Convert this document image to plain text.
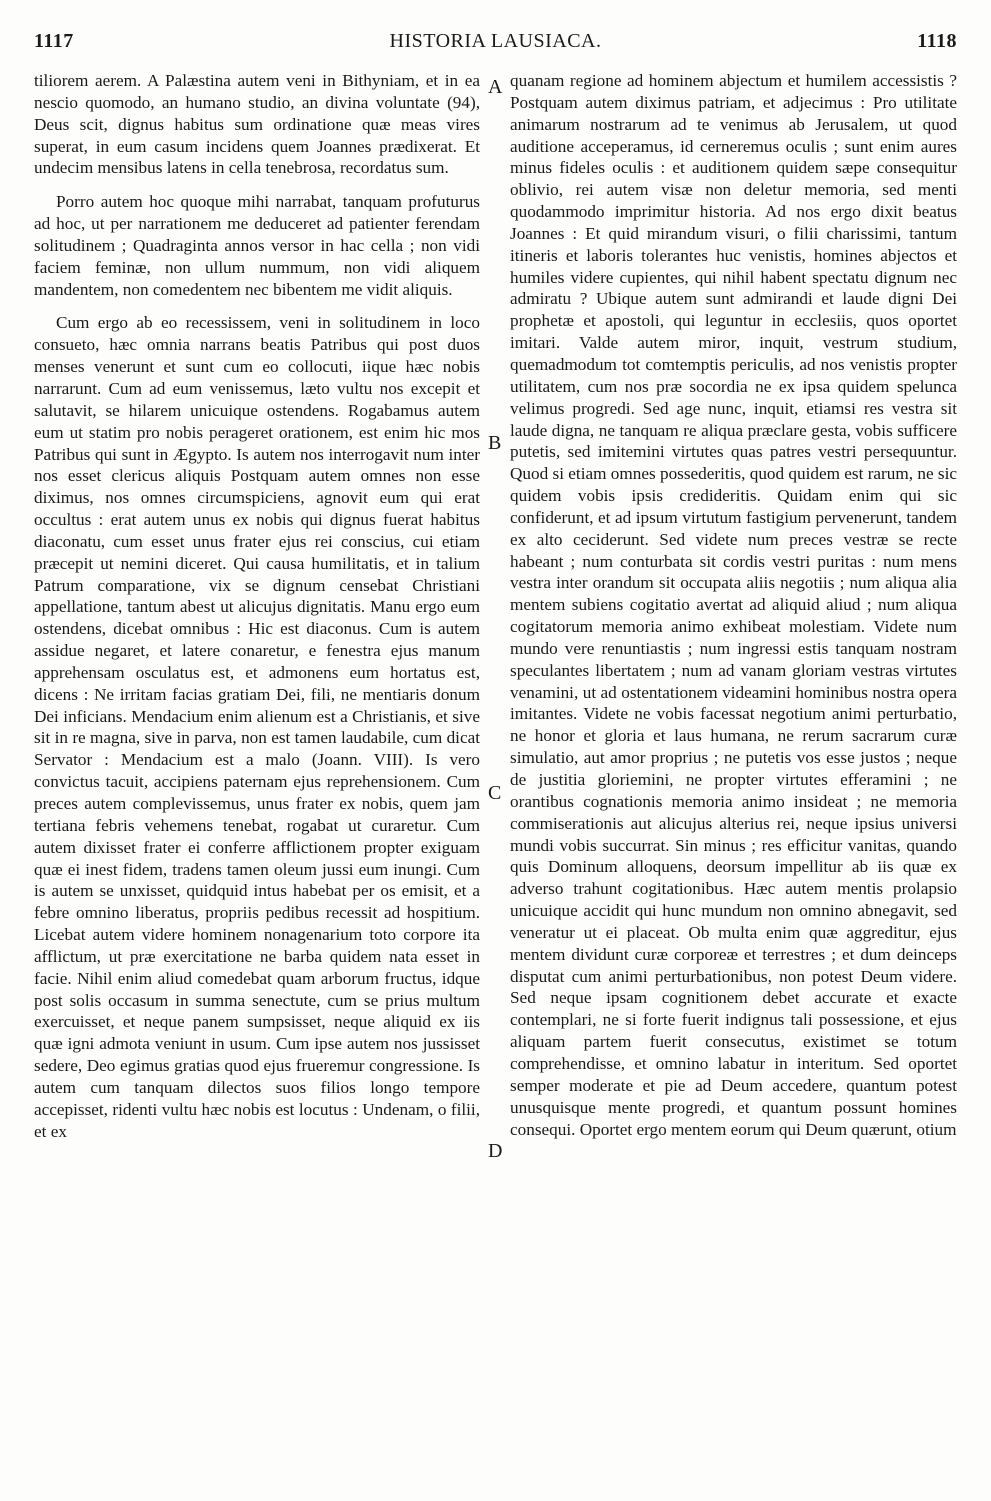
1117	HISTORIA LAUSIACA.	1118

tiliorem aerem. A Palæstina autem veni in Bithyniam, et in ea nescio quomodo, an humano studio, an divina voluntate (94), Deus scit, dignus habitus sum ordinatione quæ meas vires superat, in eum casum incidens quem Joannes prædixerat. Et undecim mensibus latens in cella tenebrosa, recordatus sum.

Porro autem hoc quoque mihi narrabat, tanquam profuturus ad hoc, ut per narrationem me deduceret ad patienter ferendam solitudinem ; Quadraginta annos versor in hac cella ; non vidi faciem feminæ, non ullum nummum, non vidi aliquem mandentem, non comedentem nec bibentem me vidit aliquis.

Cum ergo ab eo recessissem, veni in solitudinem in loco consueto, hæc omnia narrans beatis Patribus qui post duos menses venerunt et sunt cum eo collocuti, iique hæc nobis narrarunt. Cum ad eum venissemus, læto vultu nos excepit et salutavit, se hilarem unicuique ostendens. Rogabamus autem eum ut statim pro nobis perageret orationem, est enim hic mos Patribus qui sunt in Ægypto. Is autem nos interrogavit num inter nos esset clericus aliquis Postquam autem omnes non esse diximus, nos omnes circumspiciens, agnovit eum qui erat occultus : erat autem unus ex nobis qui dignus fuerat habitus diaconatu, cum esset unus frater ejus rei conscius, cui etiam præcepit ut nemini diceret. Qui causa humilitatis, et in talium Patrum comparatione, vix se dignum censebat Christiani appellatione, tantum abest ut alicujus dignitatis. Manu ergo eum ostendens, dicebat omnibus : Hic est diaconus. Cum is autem assidue negaret, et latere conaretur, e fenestra ejus manum apprehensam osculatus est, et admonens eum hortatus est, dicens : Ne irritam facias gratiam Dei, fili, ne mentiaris donum Dei inficians. Mendacium enim alienum est a Christianis, et sive sit in re magna, sive in parva, non est tamen laudabile, cum dicat Servator : Mendacium est a malo (Joann. VIII). Is vero convictus tacuit, accipiens paternam ejus reprehensionem. Cum preces autem complevissemus, unus frater ex nobis, quem jam tertiana febris vehemens tenebat, rogabat ut curaretur. Cum autem dixisset frater ei conferre afflictionem propter exiguam quæ ei inest fidem, tradens tamen oleum jussi eum inungi. Cum is autem se unxisset, quidquid intus habebat per os emisit, et a febre omnino liberatus, propriis pedibus recessit ad hospitium. Licebat autem videre hominem nonagenarium toto corpore ita afflictum, ut præ exercitatione ne barba quidem nata esset in facie. Nihil enim aliud comedebat quam arborum fructus, idque post solis occasum in summa senectute, cum se prius multum exercuisset, et neque panem sumpsisset, neque aliquid ex iis quæ igni admota veniunt in usum. Cum ipse autem nos jussisset sedere, Deo egimus gratias quod ejus frueremur congressione. Is autem cum tanquam dilectos suos filios longo tempore accepisset, ridenti vultu hæc nobis est locutus : Undenam, o filii, et ex

quanam regione ad hominem abjectum et humilem accessistis ? Postquam autem diximus patriam, et adjecimus : Pro utilitate animarum nostrarum ad te venimus ab Jerusalem, ut quod auditione acceperamus, id cerneremus oculis ; sunt enim aures minus fideles oculis : et auditionem quidem sæpe consequitur oblivio, rei autem visæ non deletur memoria, sed menti quodammodo imprimitur historia. Ad nos ergo dixit beatus Joannes : Et quid mirandum visuri, o filii charissimi, tantum itineris et laboris tolerantes huc venistis, homines abjectos et humiles videre cupientes, qui nihil habent spectatu dignum nec admiratu ? Ubique autem sunt admirandi et laude digni Dei prophetæ et apostoli, qui leguntur in ecclesiis, quos oportet imitari. Valde autem miror, inquit, vestrum studium, quemadmodum tot comtemptis periculis, ad nos venistis propter utilitatem, cum nos præ socordia ne ex ipsa quidem spelunca velimus progredi. Sed age nunc, inquit, etiamsi res vestra sit laude digna, ne tanquam re aliqua præclare gesta, vobis sufficere putetis, sed imitemini virtutes quas patres vestri persequuntur. Quod si etiam omnes possederitis, quod quidem est rarum, ne sic quidem vobis ipsis credideritis. Quidam enim qui sic confiderunt, et ad ipsum virtutum fastigium pervenerunt, tandem ex alto ceciderunt. Sed videte num preces vestræ se recte habeant ; num conturbata sit cordis vestri puritas : num mens vestra inter orandum sit occupata aliis negotiis ; num aliqua alia mentem subiens cogitatio avertat ad aliquid aliud ; num aliqua cogitatorum memoria animo exhibeat molestiam. Videte num mundo vere renuntiastis ; num ingressi estis tanquam nostram speculantes libertatem ; num ad vanam gloriam vestras virtutes venamini, ut ad ostentationem videamini hominibus nostra opera imitantes. Videte ne vobis facessat negotium animi perturbatio, ne honor et gloria et laus humana, ne rerum sacrarum curæ simulatio, aut amor proprius ; ne putetis vos esse justos ; neque de justitia gloriemini, ne propter virtutes efferamini ; ne orantibus cognationis memoria animo insideat ; ne memoria commiserationis aut alicujus alterius rei, neque ipsius universi mundi vobis succurrat. Sin minus ; res efficitur vanitas, quando quis Dominum alloquens, deorsum impellitur ab iis quæ ex adverso trahunt cogitationibus. Hæc autem mentis prolapsio unicuique accidit qui hunc mundum non omnino abnegavit, sed veneratur ut ei placeat. Ob multa enim quæ aggreditur, ejus mentem dividunt curæ corporeæ et terrestres ; et dum deinceps disputat cum animi perturbationibus, non potest Deum videre. Sed neque ipsam cognitionem debet accurate et exacte contemplari, ne si forte fuerit indignus tali possessione, et ejus aliquam partem fuerit consecutus, existimet se totum comprehendisse, et omnino labatur in interitum. Sed oportet semper moderate et pie ad Deum accedere, quantum potest unusquisque mente progredi, et quantum possunt homines consequi. Oportet ergo mentem eorum qui Deum quærunt, otium

A
B
C
D
